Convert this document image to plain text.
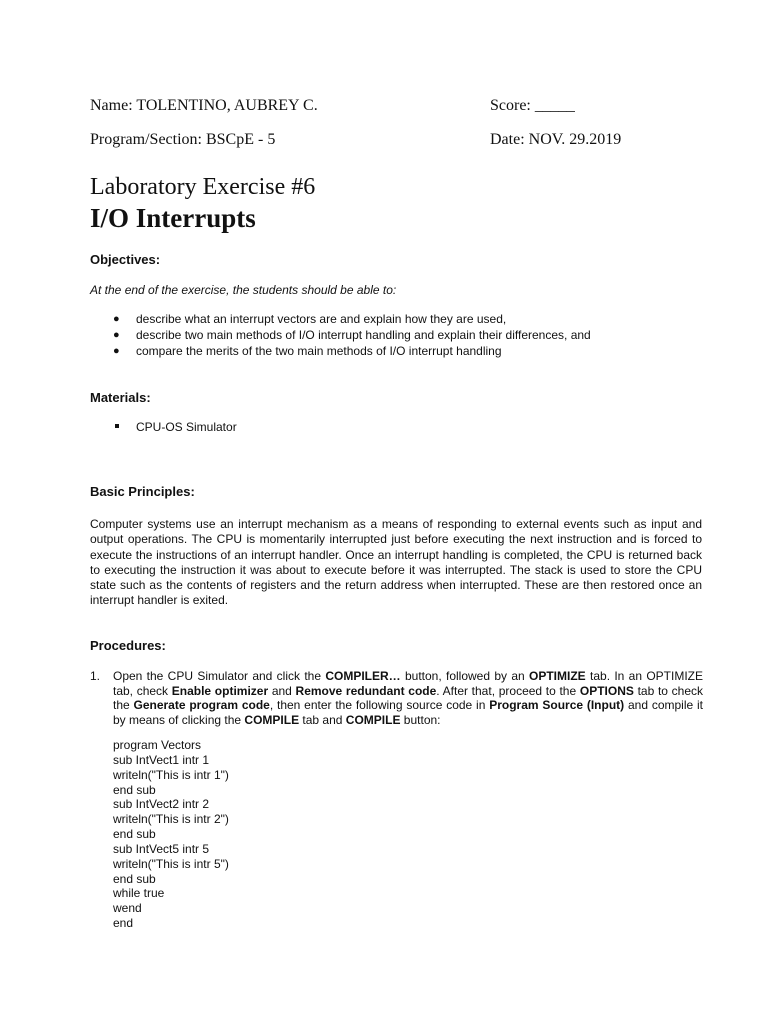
Name: TOLENTINO, AUBREY C.	Score: _____
Program/Section: BSCpE - 5	Date: NOV. 29.2019
Laboratory Exercise #6
I/O Interrupts
Objectives:
At the end of the exercise, the students should be able to:
● describe what an interrupt vectors are and explain how they are used,
● describe two main methods of I/O interrupt handling and explain their differences, and
● compare the merits of the two main methods of I/O interrupt handling
Materials:
CPU-OS Simulator
Basic Principles:
Computer systems use an interrupt mechanism as a means of responding to external events such as input and output operations. The CPU is momentarily interrupted just before executing the next instruction and is forced to execute the instructions of an interrupt handler. Once an interrupt handling is completed, the CPU is returned back to executing the instruction it was about to execute before it was interrupted. The stack is used to store the CPU state such as the contents of registers and the return address when interrupted. These are then restored once an interrupt handler is exited.
Procedures:
1. Open the CPU Simulator and click the COMPILER… button, followed by an OPTIMIZE tab. In an OPTIMIZE tab, check Enable optimizer and Remove redundant code. After that, proceed to the OPTIONS tab to check the Generate program code, then enter the following source code in Program Source (Input) and compile it by means of clicking the COMPILE tab and COMPILE button:
program Vectors
sub IntVect1 intr 1
writeln("This is intr 1")
end sub
sub IntVect2 intr 2
writeln("This is intr 2")
end sub
sub IntVect5 intr 5
writeln("This is intr 5")
end sub
while true
wend
end
